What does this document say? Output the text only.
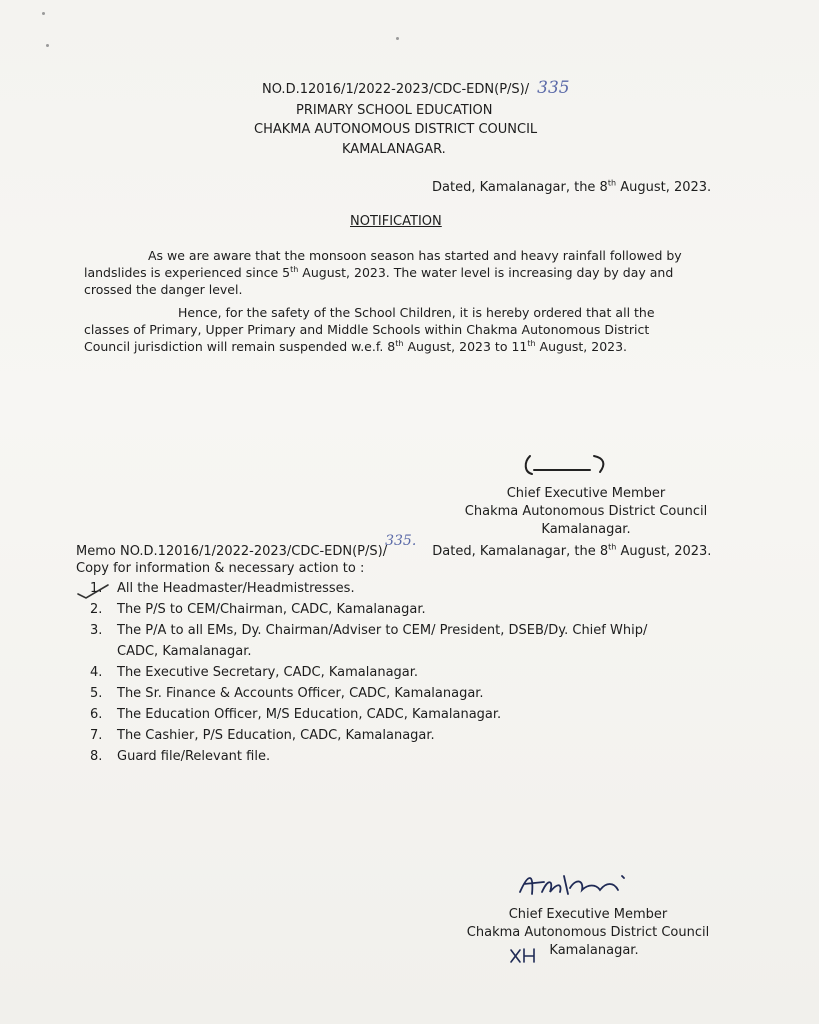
NO.D.12016/1/2022-2023/CDC-EDN(P/S)/ 335
PRIMARY SCHOOL EDUCATION
CHAKMA AUTONOMOUS DISTRICT COUNCIL
KAMALANAGAR.
Dated, Kamalanagar, the 8th August, 2023.
NOTIFICATION
As we are aware that the monsoon season has started and heavy rainfall followed by
landslides is experienced since 5th August, 2023. The water level is increasing day by day and
crossed the danger level.
Hence, for the safety of the School Children, it is hereby ordered that all the
classes of Primary, Upper Primary and Middle Schools within Chakma Autonomous District
Council jurisdiction will remain suspended w.e.f. 8th August, 2023 to 11th August, 2023.
Chief Executive Member
Chakma Autonomous District Council
Kamalanagar.
Memo NO.D.12016/1/2022-2023/CDC-EDN(P/S)/335.Dated, Kamalanagar, the 8th August, 2023.
Copy for information & necessary action to :
1. All the Headmaster/Headmistresses.
2. The P/S to CEM/Chairman, CADC, Kamalanagar.
3. The P/A to all EMs, Dy. Chairman/Adviser to CEM/ President, DSEB/Dy. Chief Whip/
CADC, Kamalanagar.
4. The Executive Secretary, CADC, Kamalanagar.
5. The Sr. Finance & Accounts Officer, CADC, Kamalanagar.
6. The Education Officer, M/S Education, CADC, Kamalanagar.
7. The Cashier, P/S Education, CADC, Kamalanagar.
8. Guard file/Relevant file.
Chief Executive Member
Chakma Autonomous District Council
Kamalanagar.
